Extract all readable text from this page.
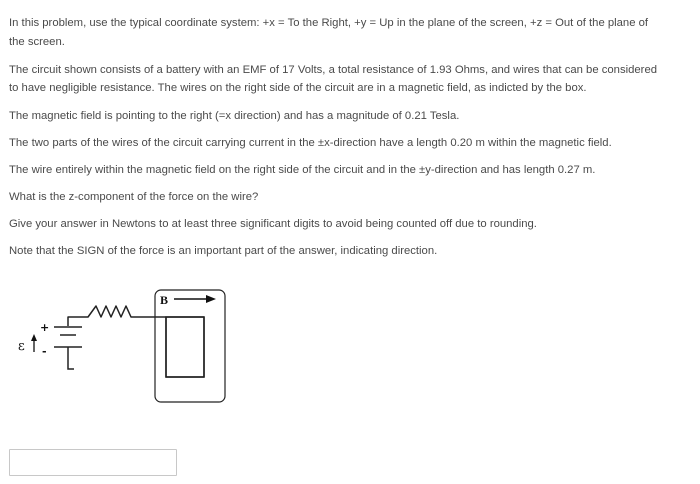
In this problem, use the typical coordinate system: +x = To the Right, +y = Up in the plane of the screen, +z = Out of the plane of

the screen.

The circuit shown consists of a battery with an EMF of 17 Volts, a total resistance of 1.93 Ohms, and wires that can be considered

to have negligible resistance. The wires on the right side of the circuit are in a magnetic field, as indicted by the box.

The magnetic field is pointing to the right (=x direction) and has a magnitude of 0.21 Tesla.

The two parts of the wires of the circuit carrying current in the ±x-direction have a length 0.20 m within the magnetic field.

The wire entirely within the magnetic field on the right side of the circuit and in the ±y-direction and has length 0.27 m.

What is the z-component of the force on the wire?

Give your answer in Newtons to at least three significant digits to avoid being counted off due to rounding.

Note that the SIGN of the force is an important part of the answer, indicating direction.

B
+
-
ε
